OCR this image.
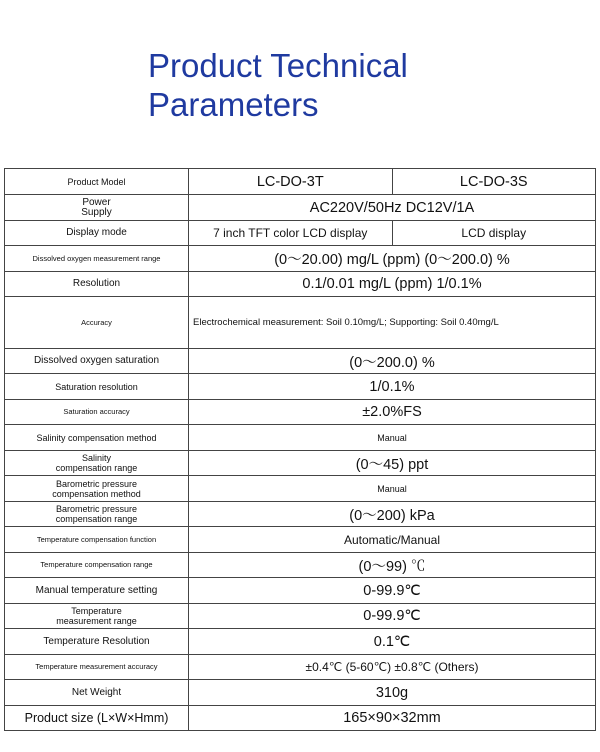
Product Technical Parameters
Product Model	LC-DO-3T	LC-DO-3S
Power
Supply	AC220V/50Hz DC12V/1A	
Display mode	7 inch TFT color LCD display	LCD display
Dissolved oxygen measurement range	(0～20.00) mg/L (ppm) (0～200.0) %	
Resolution	0.1/0.01 mg/L (ppm) 1/0.1%	
Accuracy	Electrochemical measurement: Soil 0.10mg/L; Supporting: Soil 0.40mg/L	
Dissolved oxygen saturation	(0～200.0) %	
Saturation resolution	1/0.1%	
Saturation accuracy	±2.0%FS	
Salinity compensation method	Manual	
Salinity
compensation range	(0～45) ppt	
Barometric pressure
compensation method	Manual	
Barometric pressure
compensation range	(0～200) kPa	
Temperature compensation function	Automatic/Manual	
Temperature compensation range	(0～99) ℃	
Manual temperature setting	0-99.9℃	
Temperature
measurement range	0-99.9℃	
Temperature Resolution	0.1℃	
Temperature measurement accuracy	±0.4℃ (5-60℃) ±0.8℃ (Others)	
Net Weight	310g	
Product size (L×W×Hmm)	165×90×32mm	
